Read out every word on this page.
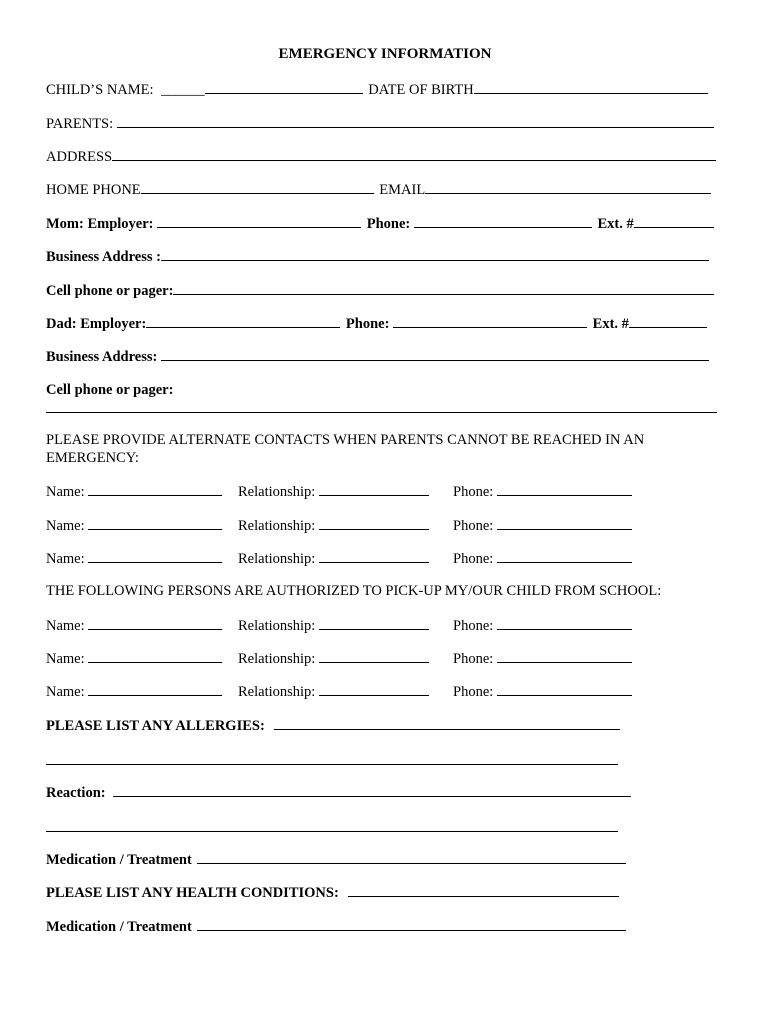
EMERGENCY INFORMATION
CHILD’S NAME: ______	DATE OF BIRTH
PARENTS:
ADDRESS
HOME PHONE	EMAIL
Mom: Employer:	Phone:	Ext. #
Business Address :
Cell phone or pager:
Dad: Employer:	Phone:	Ext. #
Business Address:
Cell phone or pager:
PLEASE PROVIDE ALTERNATE CONTACTS WHEN PARENTS CANNOT BE REACHED IN AN EMERGENCY:
Name:	Relationship:	Phone:
Name:	Relationship:	Phone:
Name:	Relationship:	Phone:
THE FOLLOWING PERSONS ARE AUTHORIZED TO PICK-UP MY/OUR CHILD FROM SCHOOL:
Name:	Relationship:	Phone:
Name:	Relationship:	Phone:
Name:	Relationship:	Phone:
PLEASE LIST ANY ALLERGIES:
Reaction:
Medication / Treatment
PLEASE LIST ANY HEALTH CONDITIONS:
Medication / Treatment
